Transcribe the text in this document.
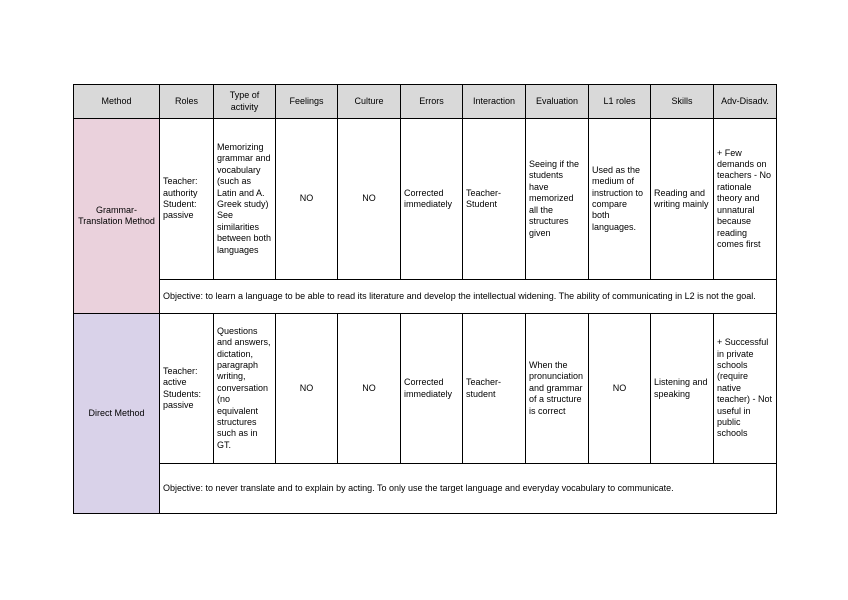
Method	Roles	Type of activity	Feelings	Culture	Errors	Interaction	Evaluation	L1 roles	Skills	Adv-Disadv.
Grammar-Translation Method	Teacher: authority Student: passive	Memorizing grammar and vocabulary (such as Latin and A. Greek study) See similarities between both languages	NO	NO	Corrected immediately	Teacher-Student	Seeing if the students have memorized all the structures given	Used as the medium of instruction to compare both languages.	Reading and writing mainly	+ Few demands on teachers - No rationale theory and unnatural because reading comes first
	Objective: to learn a language to be able to read its literature and develop the intellectual widening. The ability of communicating in L2 is not the goal.									
Direct Method	Teacher: active Students: passive	Questions and answers, dictation, paragraph writing, conversation (no equivalent structures such as in GT.	NO	NO	Corrected immediately	Teacher-student	When the pronunciation and grammar of a structure is correct	NO	Listening and speaking	+ Successful in private schools (require native teacher) - Not useful in public schools
	Objective: to never translate and to explain by acting. To only use the target language and everyday vocabulary to communicate.									
